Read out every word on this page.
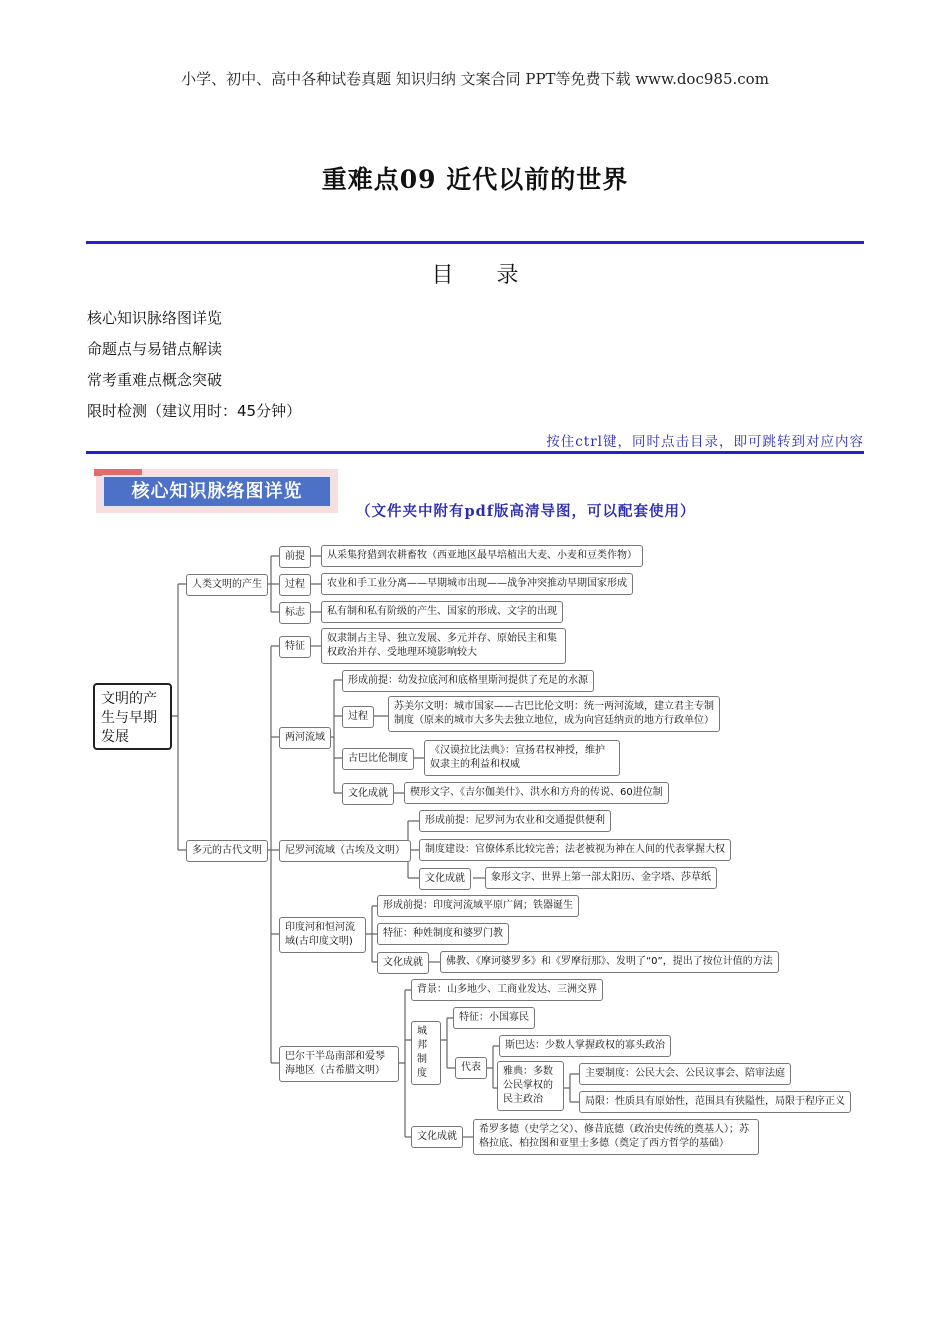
小学、初中、高中各种试卷真题 知识归纳 文案合同 PPT等免费下载 www.doc985.com
重难点09 近代以前的世界
目 录
核心知识脉络图详览
命题点与易错点解读
常考重难点概念突破
限时检测（建议用时：45分钟）
按住ctrl键，同时点击目录，即可跳转到对应内容
核心知识脉络图详览
（文件夹中附有pdf版高清导图，可以配套使用）
文明的产生与早期发展
人类文明的产生
前提	从采集狩猎到农耕畜牧（西亚地区最早培植出大麦、小麦和豆类作物）
过程	农业和手工业分离——早期城市出现——战争冲突推动早期国家形成
标志	私有制和私有阶级的产生、国家的形成、文字的出现
多元的古代文明
特征
奴隶制占主导、独立发展、多元并存、原始民主和集权政治并存、受地理环境影响较大
两河流域
形成前提：幼发拉底河和底格里斯河提供了充足的水源
过程
苏美尔文明：城市国家——古巴比伦文明：统一两河流域，建立君主专制制度（原来的城市大多失去独立地位，成为向宫廷纳贡的地方行政单位）
古巴比伦制度
《汉谟拉比法典》：宣扬君权神授，维护奴隶主的利益和权威
文化成就	楔形文字、《吉尔伽美什》、洪水和方舟的传说、60进位制
尼罗河流域（古埃及文明）
形成前提：尼罗河为农业和交通提供便利
制度建设：官僚体系比较完善；法老被视为神在人间的代表掌握大权
文化成就	象形文字、世界上第一部太阳历、金字塔、莎草纸
印度河和恒河流域(古印度文明)
形成前提：印度河流域平原广阔；铁器诞生
特征：种姓制度和婆罗门教
文化成就	佛教、《摩诃婆罗多》和《罗摩衍那》、发明了“0”，提出了按位计值的方法
巴尔干半岛南部和爱琴海地区（古希腊文明）
背景：山多地少、工商业发达、三洲交界
城邦制度
特征：小国寡民
代表
斯巴达：少数人掌握政权的寡头政治
雅典：多数公民掌权的民主政治
主要制度：公民大会、公民议事会、陪审法庭
局限：性质具有原始性，范围具有狭隘性，局限于程序正义
文化成就
希罗多德（史学之父）、修昔底德（政治史传统的奠基人）；苏格拉底、柏拉图和亚里士多德（奠定了西方哲学的基础）
